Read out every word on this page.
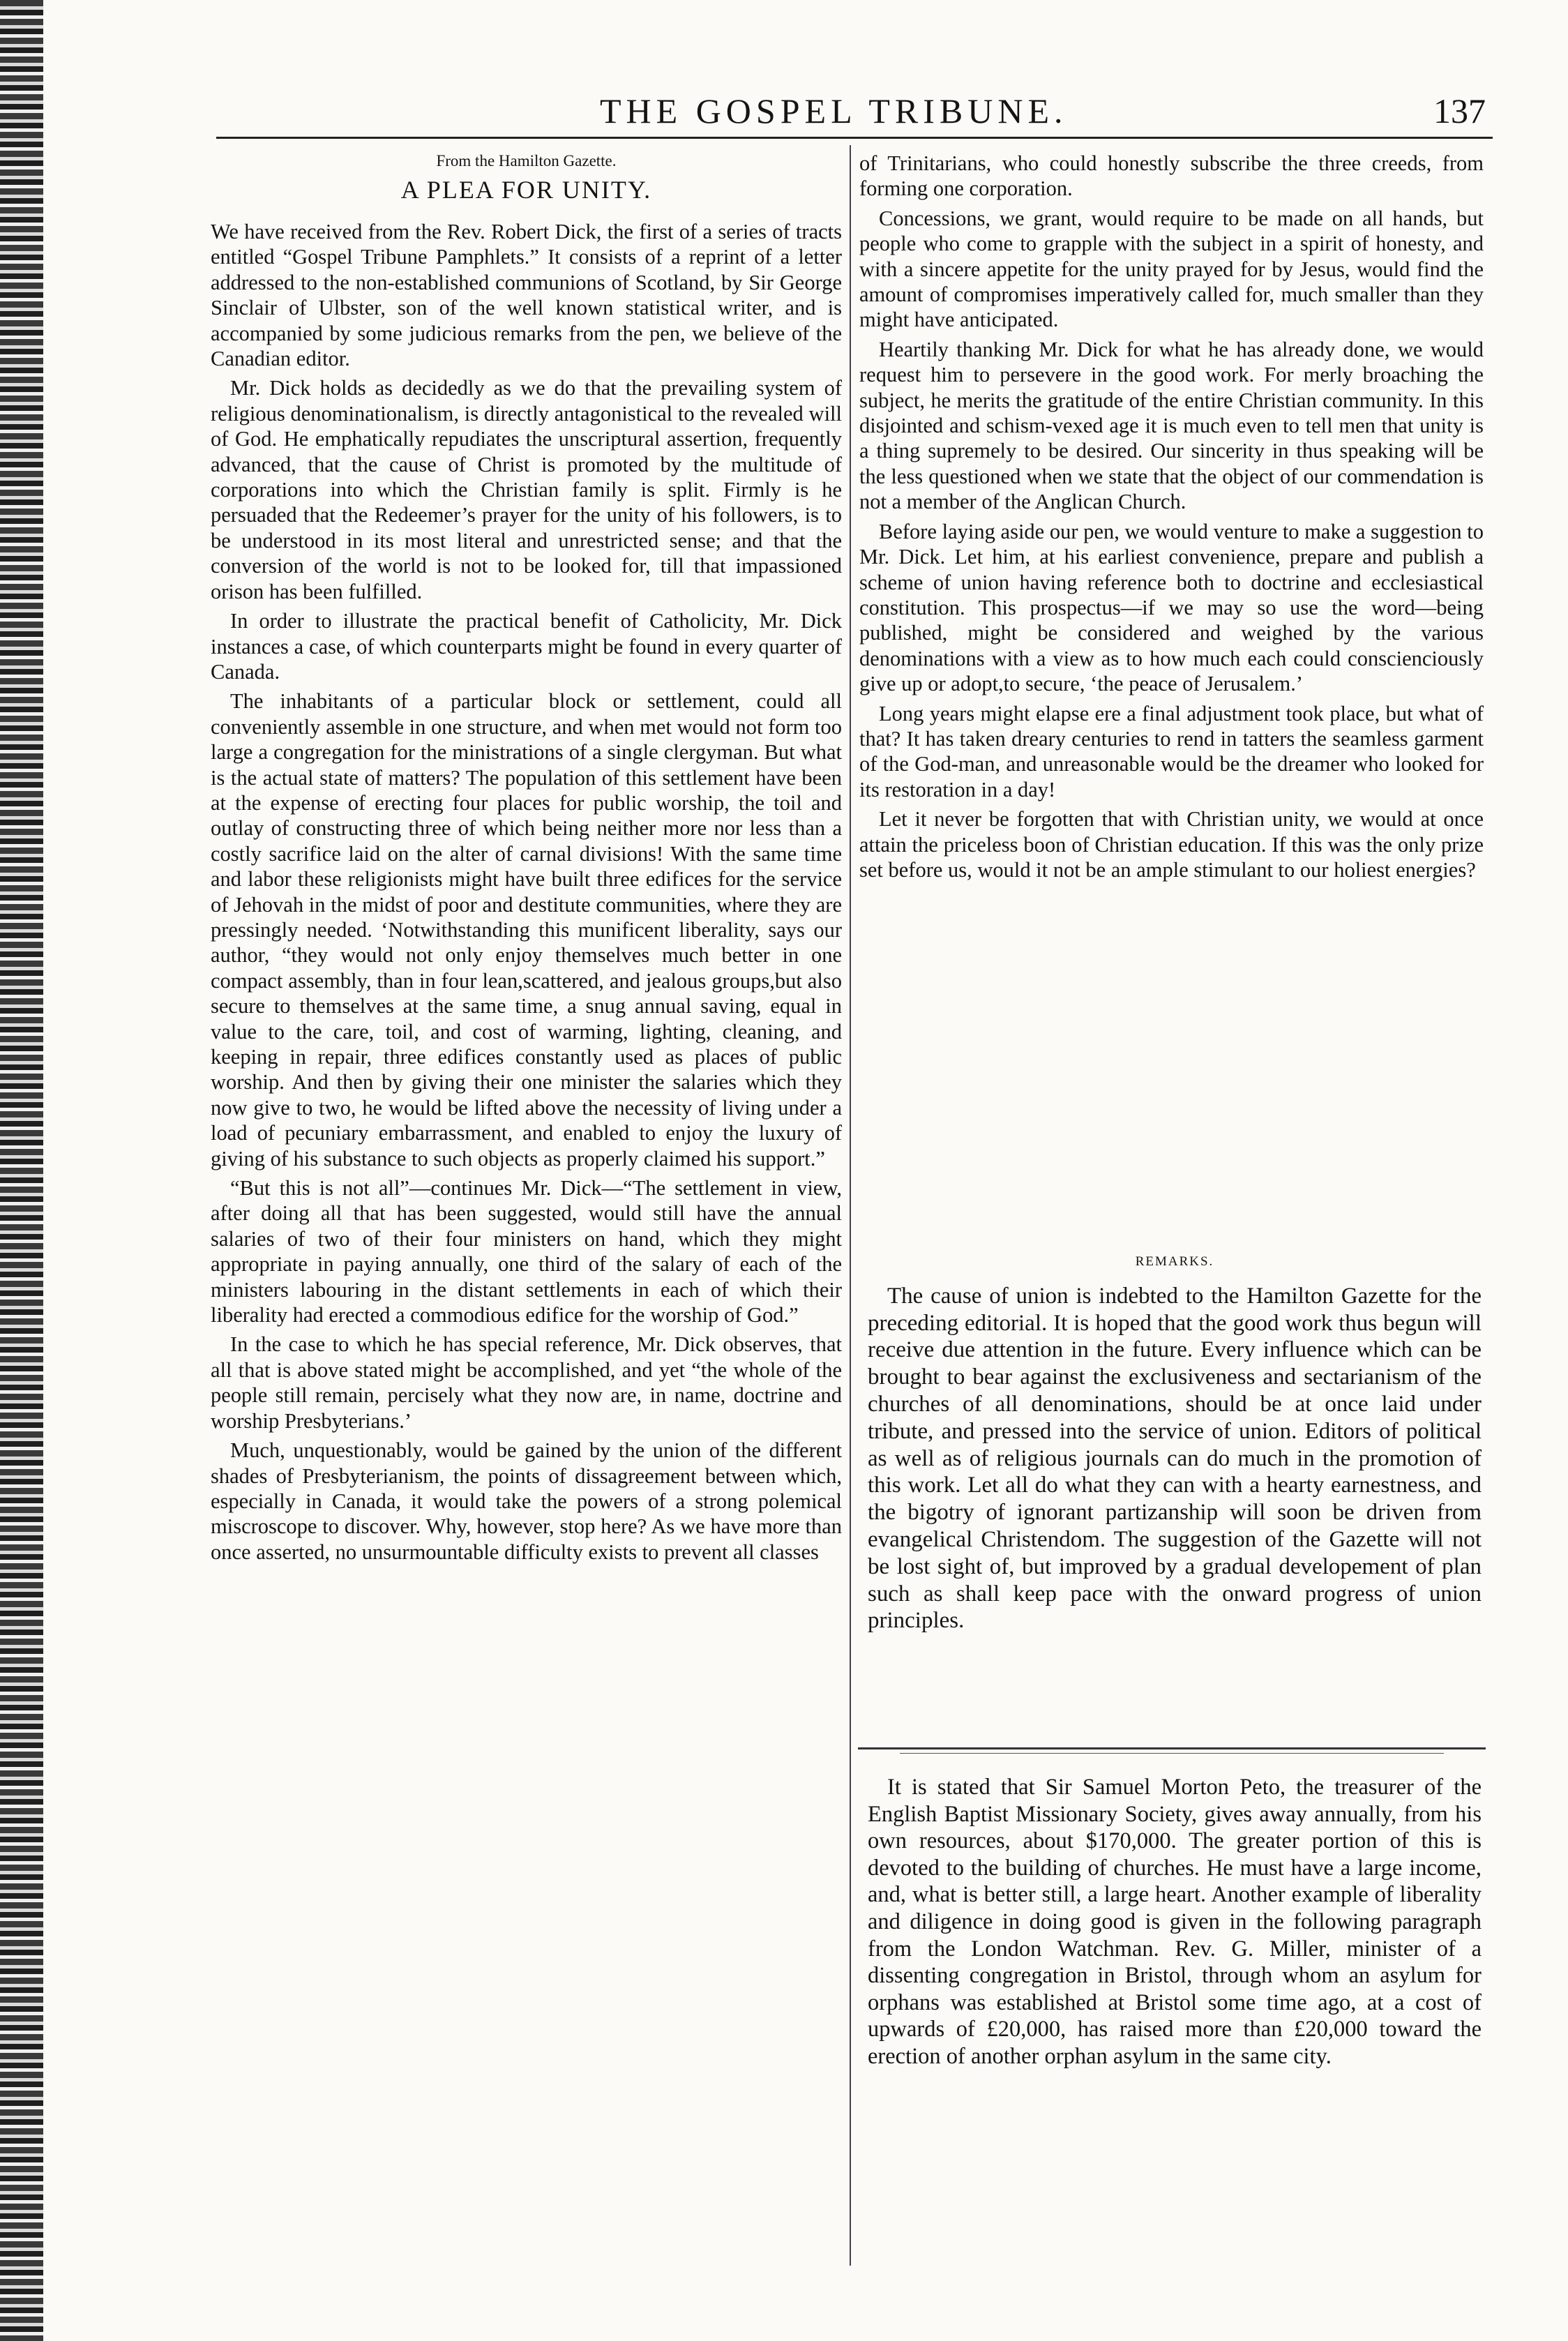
THE GOSPEL TRIBUNE.	137
From the Hamilton Gazette.
A PLEA FOR UNITY.

We have received from the Rev. Robert Dick, the first of a series of tracts entitled “Gospel Tribune Pamphlets.” It consists of a reprint of a letter addressed to the non-established communions of Scotland, by Sir George Sinclair of Ulbster, son of the well known statistical writer, and is accompanied by some judicious remarks from the pen, we believe of the Canadian editor.

Mr. Dick holds as decidedly as we do that the prevailing system of religious denominationalism, is directly antagonistical to the revealed will of God. He emphatically repudiates the unscriptural assertion, frequently advanced, that the cause of Christ is promoted by the multitude of corporations into which the Christian family is split. Firmly is he persuaded that the Redeemer’s prayer for the unity of his followers, is to be understood in its most literal and unrestricted sense; and that the conversion of the world is not to be looked for, till that impassioned orison has been fulfilled.

In order to illustrate the practical benefit of Catholicity, Mr. Dick instances a case, of which counterparts might be found in every quarter of Canada.

The inhabitants of a particular block or settlement, could all conveniently assemble in one structure, and when met would not form too large a congregation for the ministrations of a single clergyman. But what is the actual state of matters? The population of this settlement have been at the expense of erecting four places for public worship, the toil and outlay of constructing three of which being neither more nor less than a costly sacrifice laid on the alter of carnal divisions! With the same time and labor these religionists might have built three edifices for the service of Jehovah in the midst of poor and destitute communities, where they are pressingly needed. ‘Notwithstanding this munificent liberality, says our author, “they would not only enjoy themselves much better in one compact assembly, than in four lean,scattered, and jealous groups,but also secure to themselves at the same time, a snug annual saving, equal in value to the care, toil, and cost of warming, lighting, cleaning, and keeping in repair, three edifices constantly used as places of public worship. And then by giving their one minister the salaries which they now give to two, he would be lifted above the necessity of living under a load of pecuniary embarrassment, and enabled to enjoy the luxury of giving of his substance to such objects as properly claimed his support.”

“But this is not all”—continues Mr. Dick—“The settlement in view, after doing all that has been suggested, would still have the annual salaries of two of their four ministers on hand, which they might appropriate in paying annually, one third of the salary of each of the ministers labouring in the distant settlements in each of which their liberality had erected a commodious edifice for the worship of God.”

In the case to which he has special reference, Mr. Dick observes, that all that is above stated might be accomplished, and yet “the whole of the people still remain, percisely what they now are, in name, doctrine and worship Presbyterians.’

Much, unquestionably, would be gained by the union of the different shades of Presbyterianism, the points of dissagreement between which, especially in Canada, it would take the powers of a strong polemical miscroscope to discover. Why, however, stop here? As we have more than once asserted, no unsurmountable difficulty exists to prevent all classes

of Trinitarians, who could honestly subscribe the three creeds, from forming one corporation.

Concessions, we grant, would require to be made on all hands, but people who come to grapple with the subject in a spirit of honesty, and with a sincere appetite for the unity prayed for by Jesus, would find the amount of compromises imperatively called for, much smaller than they might have anticipated.

Heartily thanking Mr. Dick for what he has already done, we would request him to persevere in the good work. For merly broaching the subject, he merits the gratitude of the entire Christian community. In this disjointed and schism-vexed age it is much even to tell men that unity is a thing supremely to be desired. Our sincerity in thus speaking will be the less questioned when we state that the object of our commendation is not a member of the Anglican Church.

Before laying aside our pen, we would venture to make a suggestion to Mr. Dick. Let him, at his earliest convenience, prepare and publish a scheme of union having reference both to doctrine and ecclesiastical constitution. This prospectus—if we may so use the word—being published, might be considered and weighed by the various denominations with a view as to how much each could conscienciously give up or adopt,to secure, ‘the peace of Jerusalem.’

Long years might elapse ere a final adjustment took place, but what of that? It has taken dreary centuries to rend in tatters the seamless garment of the God-man, and unreasonable would be the dreamer who looked for its restoration in a day!

Let it never be forgotten that with Christian unity, we would at once attain the priceless boon of Christian education. If this was the only prize set before us, would it not be an ample stimulant to our holiest energies?

REMARKS.

The cause of union is indebted to the Hamilton Gazette for the preceding editorial. It is hoped that the good work thus begun will receive due attention in the future. Every influence which can be brought to bear against the exclusiveness and sectarianism of the churches of all denominations, should be at once laid under tribute, and pressed into the service of union. Editors of political as well as of religious journals can do much in the promotion of this work. Let all do what they can with a hearty earnestness, and the bigotry of ignorant partizanship will soon be driven from evangelical Christendom. The suggestion of the Gazette will not be lost sight of, but improved by a gradual developement of plan such as shall keep pace with the onward progress of union principles.

It is stated that Sir Samuel Morton Peto, the treasurer of the English Baptist Missionary Society, gives away annually, from his own resources, about $170,000. The greater portion of this is devoted to the building of churches. He must have a large income, and, what is better still, a large heart. Another example of liberality and diligence in doing good is given in the following paragraph from the London Watchman. Rev. G. Miller, minister of a dissenting congregation in Bristol, through whom an asylum for orphans was established at Bristol some time ago, at a cost of upwards of £20,000, has raised more than £20,000 toward the erection of another orphan asylum in the same city.
